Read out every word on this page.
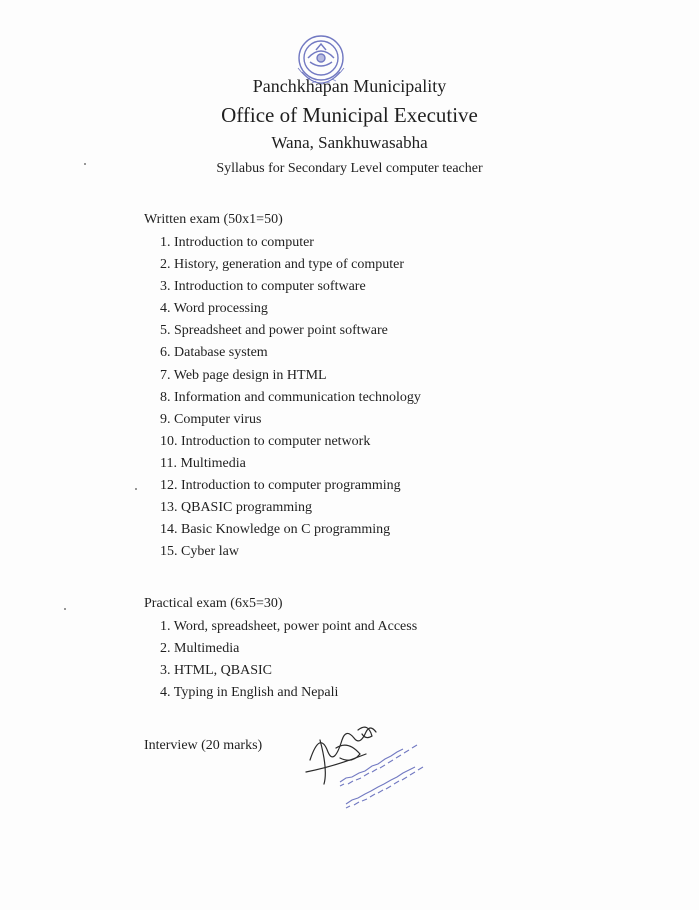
Panchkhapan Municipality
Office of Municipal Executive
Wana, Sankhuwasabha
Syllabus for Secondary Level computer teacher
Written exam (50x1=50)
1. Introduction to computer
2. History, generation and type of computer
3. Introduction to computer software
4. Word processing
5. Spreadsheet and power point software
6. Database system
7. Web page design in HTML
8. Information and communication technology
9. Computer virus
10. Introduction to computer network
11. Multimedia
12. Introduction to computer programming
13. QBASIC programming
14. Basic Knowledge on C programming
15. Cyber law
Practical exam (6x5=30)
1. Word, spreadsheet, power point and Access
2. Multimedia
3. HTML, QBASIC
4. Typing in English and Nepali
Interview (20 marks)
